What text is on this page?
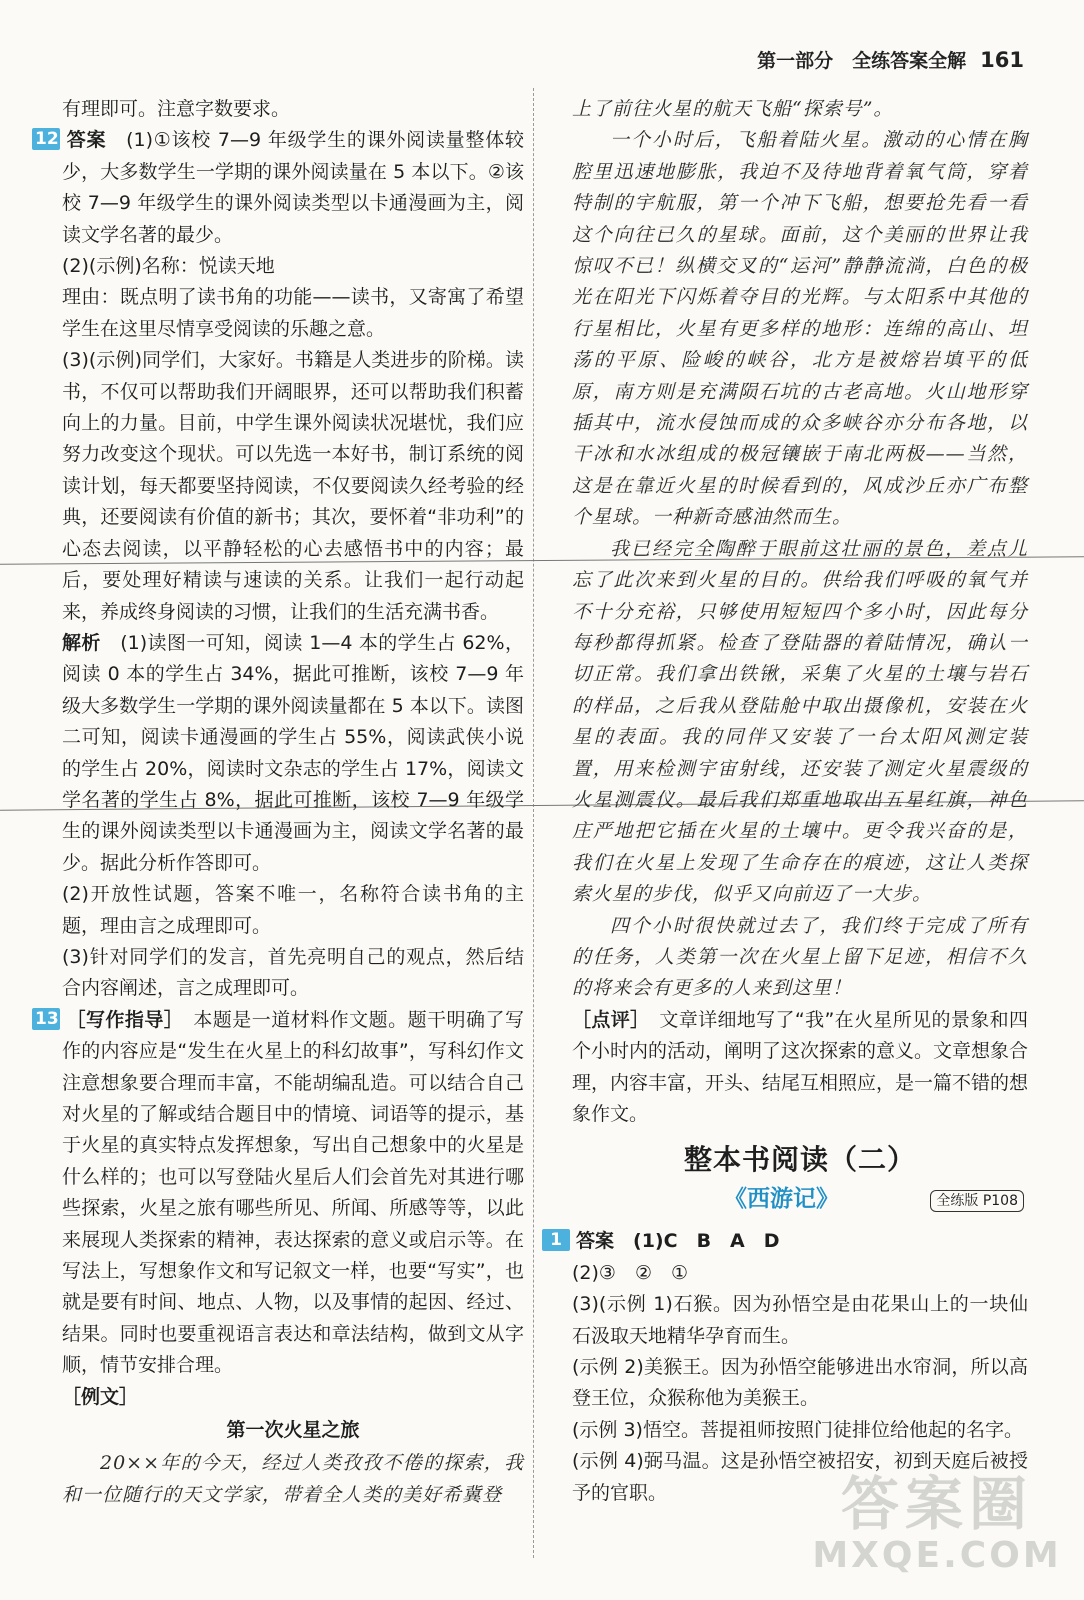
第一部分　全练答案全解 161

有理即可。注意字数要求。

12 答案　 (1)①该校 7—9 年级学生的课外阅读量整体较少，大多数学生一学期的课外阅读量在 5 本以下。②该校 7—9 年级学生的课外阅读类型以卡通漫画为主，阅读文学名著的最少。

(2)(示例)名称：悦读天地

理由：既点明了读书角的功能——读书，又寄寓了希望学生在这里尽情享受阅读的乐趣之意。

(3)(示例)同学们，大家好。书籍是人类进步的阶梯。读书，不仅可以帮助我们开阔眼界，还可以帮助我们积蓄向上的力量。目前，中学生课外阅读状况堪忧，我们应努力改变这个现状。可以先选一本好书，制订系统的阅读计划，每天都要坚持阅读，不仅要阅读久经考验的经典，还要阅读有价值的新书；其次，要怀着“非功利”的心态去阅读，以平静轻松的心去感悟书中的内容；最后，要处理好精读与速读的关系。让我们一起行动起来，养成终身阅读的习惯，让我们的生活充满书香。

解析　 (1)读图一可知，阅读 1—4 本的学生占 62%，阅读 0 本的学生占 34%，据此可推断，该校 7—9 年级大多数学生一学期的课外阅读量都在 5 本以下。读图二可知，阅读卡通漫画的学生占 55%，阅读武侠小说的学生占 20%，阅读时文杂志的学生占 17%，阅读文学名著的学生占 8%，据此可推断，该校 7—9 年级学生的课外阅读类型以卡通漫画为主，阅读文学名著的最少。据此分析作答即可。

(2)开放性试题，答案不唯一，名称符合读书角的主题，理由言之成理即可。

(3)针对同学们的发言，首先亮明自己的观点，然后结合内容阐述，言之成理即可。

13 ［写作指导］　 本题是一道材料作文题。题干明确了写作的内容应是“发生在火星上的科幻故事”，写科幻作文注意想象要合理而丰富，不能胡编乱造。可以结合自己对火星的了解或结合题目中的情境、词语等的提示，基于火星的真实特点发挥想象，写出自己想象中的火星是什么样的；也可以写登陆火星后人们会首先对其进行哪些探索，火星之旅有哪些所见、所闻、所感等等，以此来展现人类探索的精神，表达探索的意义或启示等。在写法上，写想象作文和写记叙文一样，也要“写实”，也就是要有时间、地点、人物，以及事情的起因、经过、结果。同时也要重视语言表达和章法结构，做到文从字顺，情节安排合理。

［例文］

第一次火星之旅

20××年的今天，经过人类孜孜不倦的探索，我和一位随行的天文学家，带着全人类的美好希冀登

上了前往火星的航天飞船“探索号”。

一个小时后，飞船着陆火星。激动的心情在胸腔里迅速地膨胀，我迫不及待地背着氧气筒，穿着特制的宇航服，第一个冲下飞船，想要抢先看一看这个向往已久的星球。面前，这个美丽的世界让我惊叹不已！纵横交叉的“运河”静静流淌，白色的极光在阳光下闪烁着夺目的光辉。与太阳系中其他的行星相比，火星有更多样的地形：连绵的高山、坦荡的平原、险峻的峡谷，北方是被熔岩填平的低原，南方则是充满陨石坑的古老高地。火山地形穿插其中，流水侵蚀而成的众多峡谷亦分布各地，以干冰和水冰组成的极冠镶嵌于南北两极——当然，这是在靠近火星的时候看到的，风成沙丘亦广布整个星球。一种新奇感油然而生。

我已经完全陶醉于眼前这壮丽的景色，差点儿忘了此次来到火星的目的。供给我们呼吸的氧气并不十分充裕，只够使用短短四个多小时，因此每分每秒都得抓紧。检查了登陆器的着陆情况，确认一切正常。我们拿出铁锹，采集了火星的土壤与岩石的样品，之后我从登陆舱中取出摄像机，安装在火星的表面。我的同伴又安装了一台太阳风测定装置，用来检测宇宙射线，还安装了测定火星震级的火星测震仪。最后我们郑重地取出五星红旗，神色庄严地把它插在火星的土壤中。更令我兴奋的是，我们在火星上发现了生命存在的痕迹，这让人类探索火星的步伐，似乎又向前迈了一大步。

四个小时很快就过去了，我们终于完成了所有的任务，人类第一次在火星上留下足迹，相信不久的将来会有更多的人来到这里！

［点评］　 文章详细地写了“我”在火星所见的景象和四个小时内的活动，阐明了这次探索的意义。文章想象合理，内容丰富，开头、结尾互相照应，是一篇不错的想象作文。

整本书阅读（二）
《西游记》	全练版 P108

1 答案　 (1)C　B　A　D

(2)③　②　①

(3)(示例 1)石猴。因为孙悟空是由花果山上的一块仙石汲取天地精华孕育而生。

(示例 2)美猴王。因为孙悟空能够进出水帘洞，所以高登王位，众猴称他为美猴王。

(示例 3)悟空。菩提祖师按照门徒排位给他起的名字。

(示例 4)弼马温。这是孙悟空被招安，初到天庭后被授予的官职。	答案圈
MXQE.COM
